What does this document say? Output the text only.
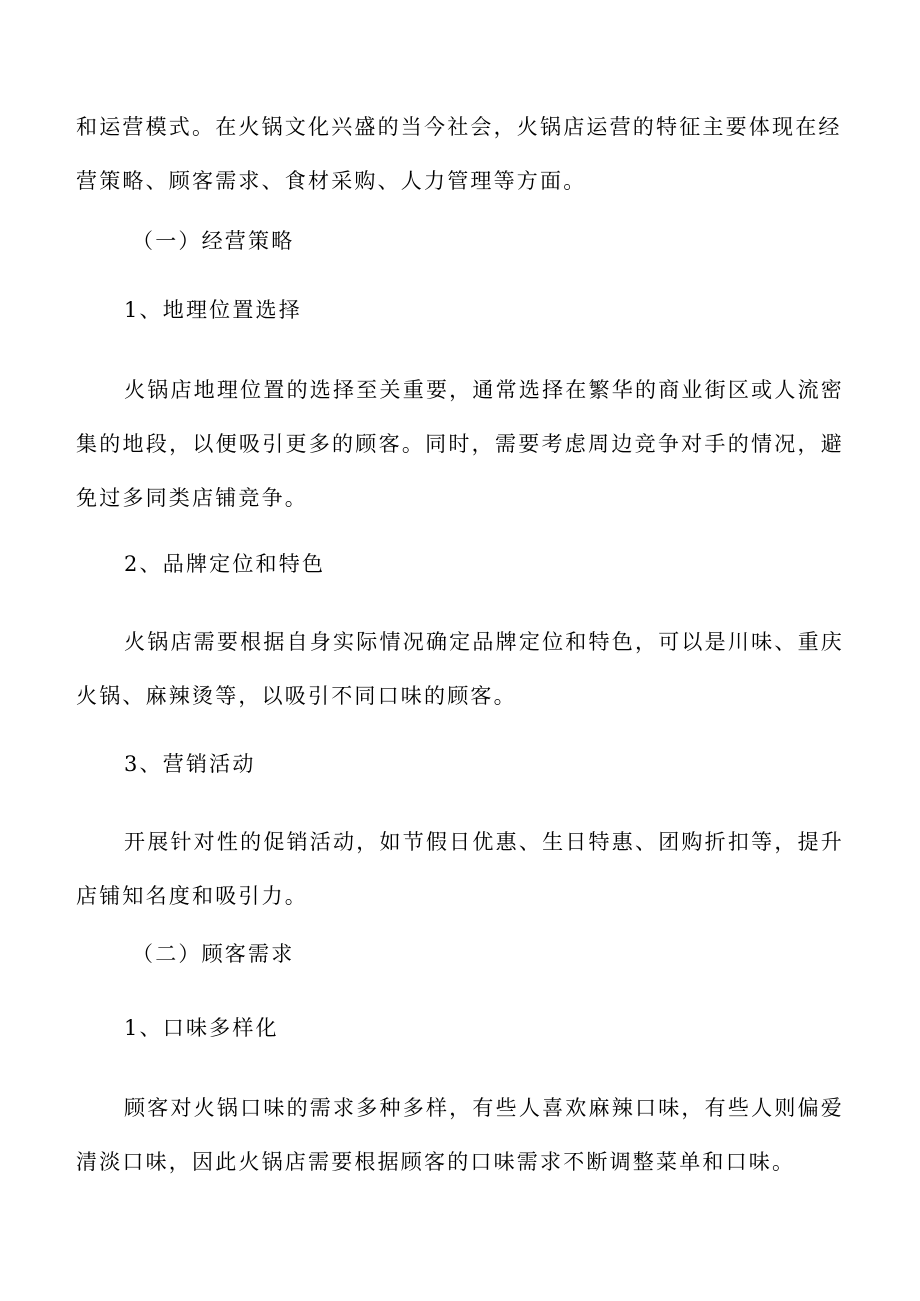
和运营模式。在火锅文化兴盛的当今社会，火锅店运营的特征主要体现在经营策略、顾客需求、食材采购、人力管理等方面。
（一）经营策略
1、地理位置选择
火锅店地理位置的选择至关重要，通常选择在繁华的商业街区或人流密集的地段，以便吸引更多的顾客。同时，需要考虑周边竞争对手的情况，避免过多同类店铺竞争。
2、品牌定位和特色
火锅店需要根据自身实际情况确定品牌定位和特色，可以是川味、重庆火锅、麻辣烫等，以吸引不同口味的顾客。
3、营销活动
开展针对性的促销活动，如节假日优惠、生日特惠、团购折扣等，提升店铺知名度和吸引力。
（二）顾客需求
1、口味多样化
顾客对火锅口味的需求多种多样，有些人喜欢麻辣口味，有些人则偏爱清淡口味，因此火锅店需要根据顾客的口味需求不断调整菜单和口味。
